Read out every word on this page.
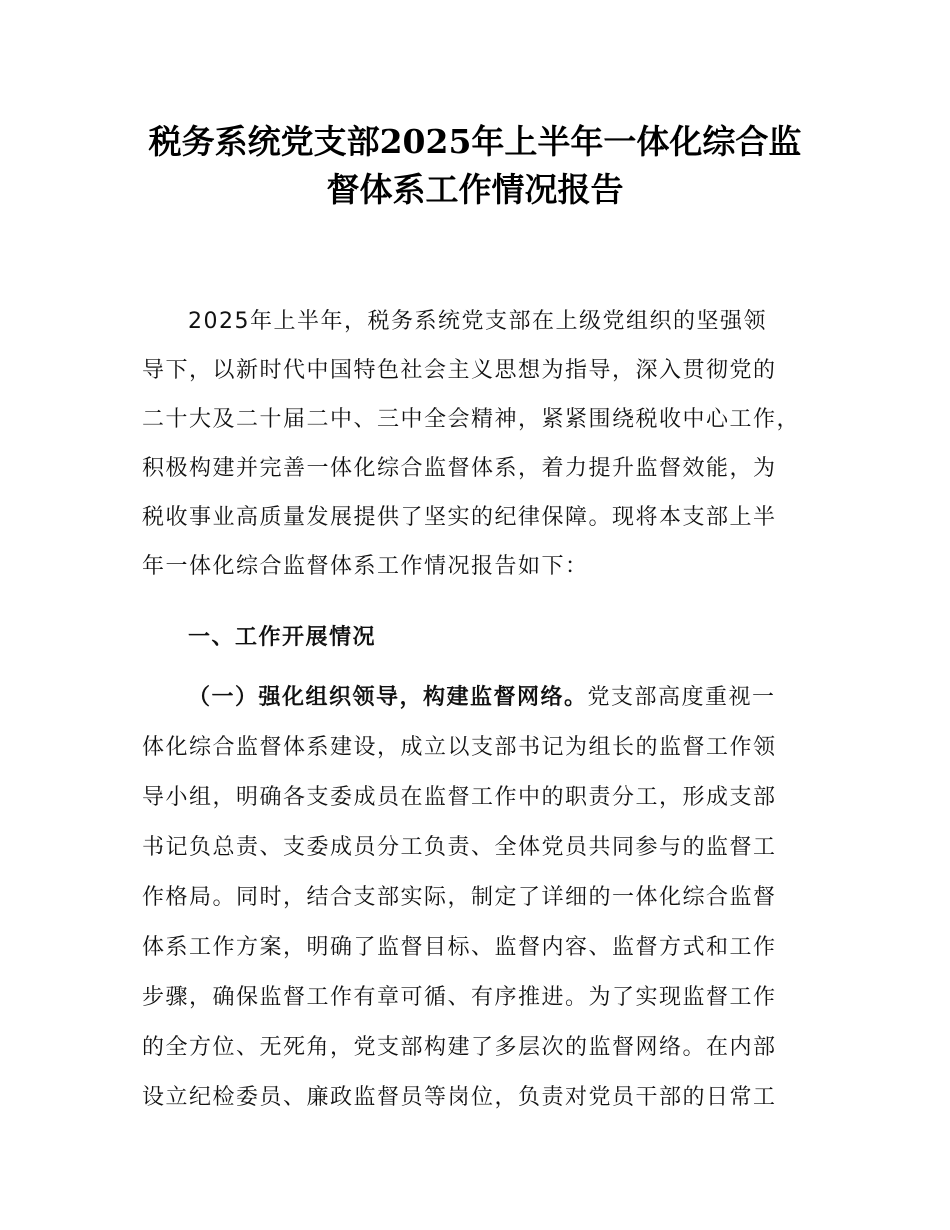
税务系统党支部2025年上半年一体化综合监
督体系工作情况报告
2025年上半年，税务系统党支部在上级党组织的坚强领
导下，以新时代中国特色社会主义思想为指导，深入贯彻党的
二十大及二十届二中、三中全会精神，紧紧围绕税收中心工作，
积极构建并完善一体化综合监督体系，着力提升监督效能，为
税收事业高质量发展提供了坚实的纪律保障。现将本支部上半
年一体化综合监督体系工作情况报告如下：
一、工作开展情况
（一）强化组织领导，构建监督网络。党支部高度重视一
体化综合监督体系建设，成立以支部书记为组长的监督工作领
导小组，明确各支委成员在监督工作中的职责分工，形成支部
书记负总责、支委成员分工负责、全体党员共同参与的监督工
作格局。同时，结合支部实际，制定了详细的一体化综合监督
体系工作方案，明确了监督目标、监督内容、监督方式和工作
步骤，确保监督工作有章可循、有序推进。为了实现监督工作
的全方位、无死角，党支部构建了多层次的监督网络。在内部
设立纪检委员、廉政监督员等岗位，负责对党员干部的日常工
